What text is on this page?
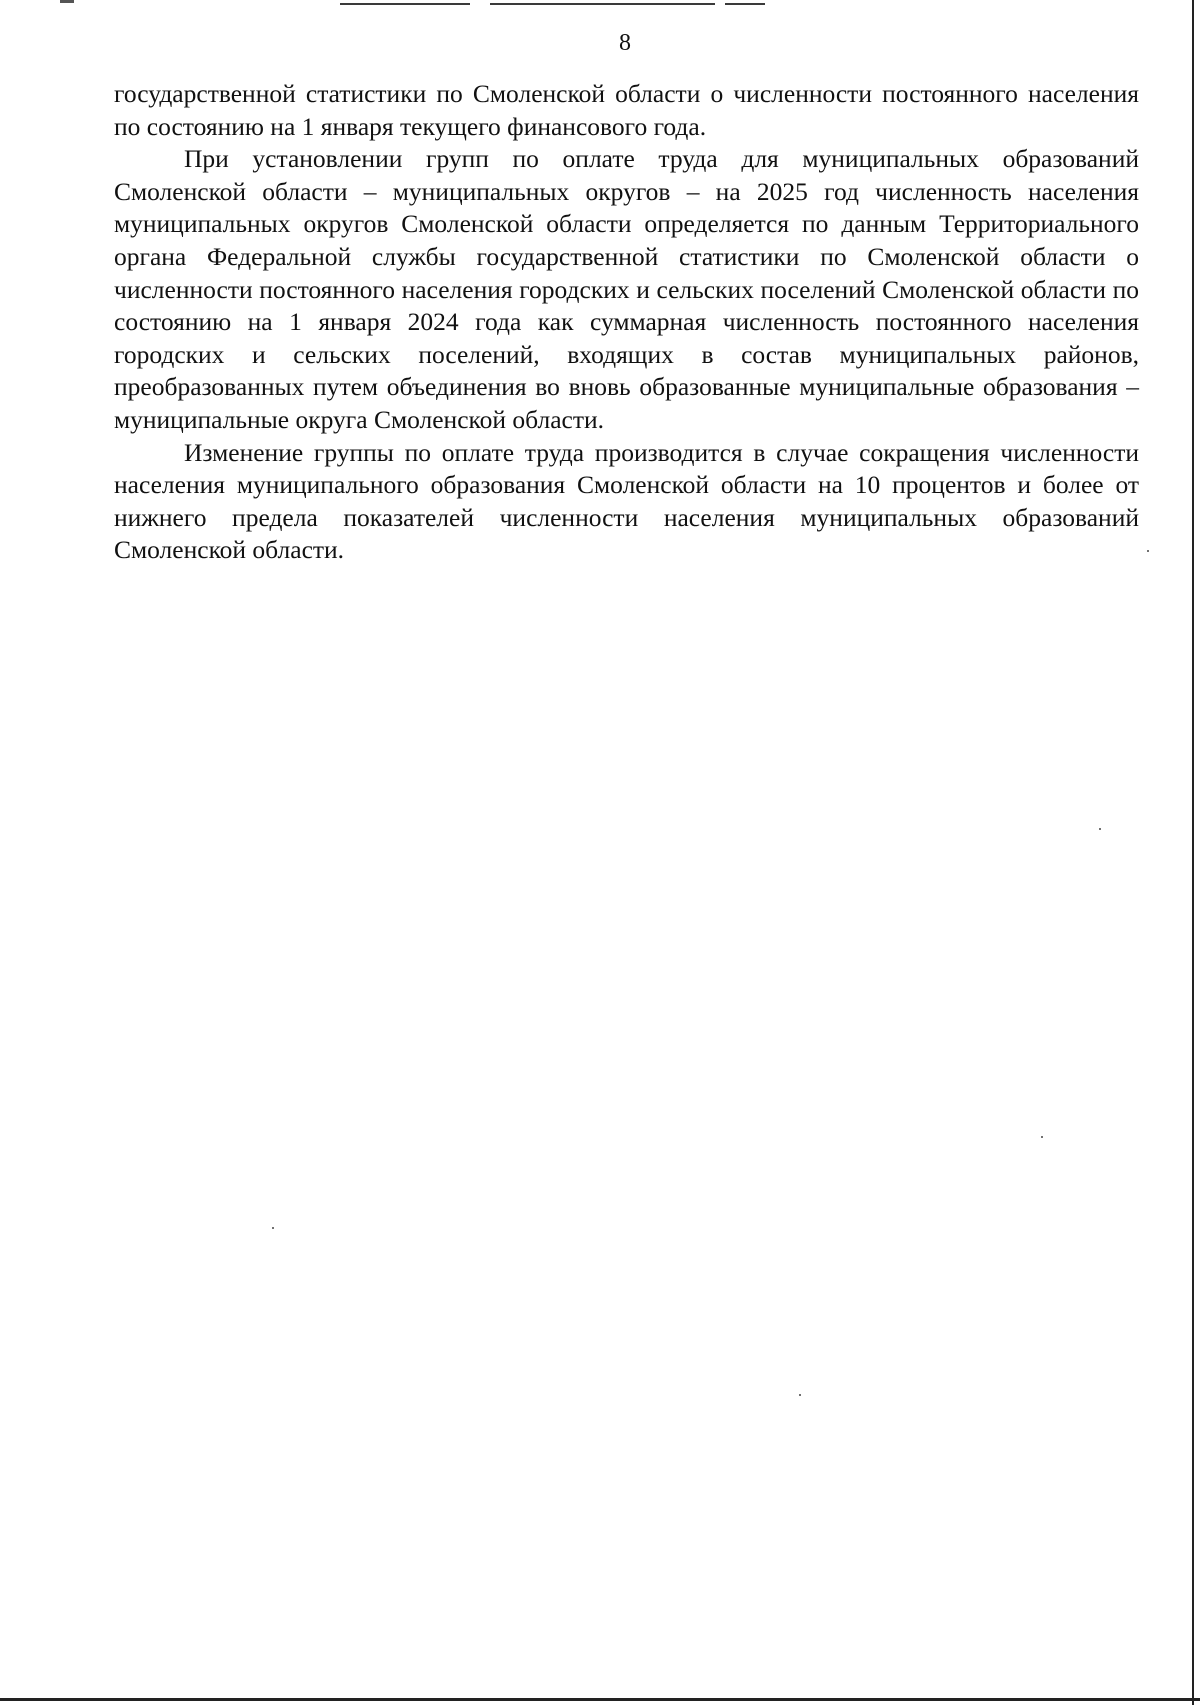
8

государственной статистики по Смоленской области о численности постоянного населения по состоянию на 1 января текущего финансового года.

При установлении групп по оплате труда для муниципальных образований Смоленской области – муниципальных округов – на 2025 год численность населения муниципальных округов Смоленской области определяется по данным Территориального органа Федеральной службы государственной статистики по Смоленской области о численности постоянного населения городских и сельских поселений Смоленской области по состоянию на 1 января 2024 года как суммарная численность постоянного населения городских и сельских поселений, входящих в состав муниципальных районов, преобразованных путем объединения во вновь образованные муниципальные образования – муниципальные округа Смоленской области.

Изменение группы по оплате труда производится в случае сокращения численности населения муниципального образования Смоленской области на 10 процентов и более от нижнего предела показателей численности населения муниципальных образований Смоленской области.
